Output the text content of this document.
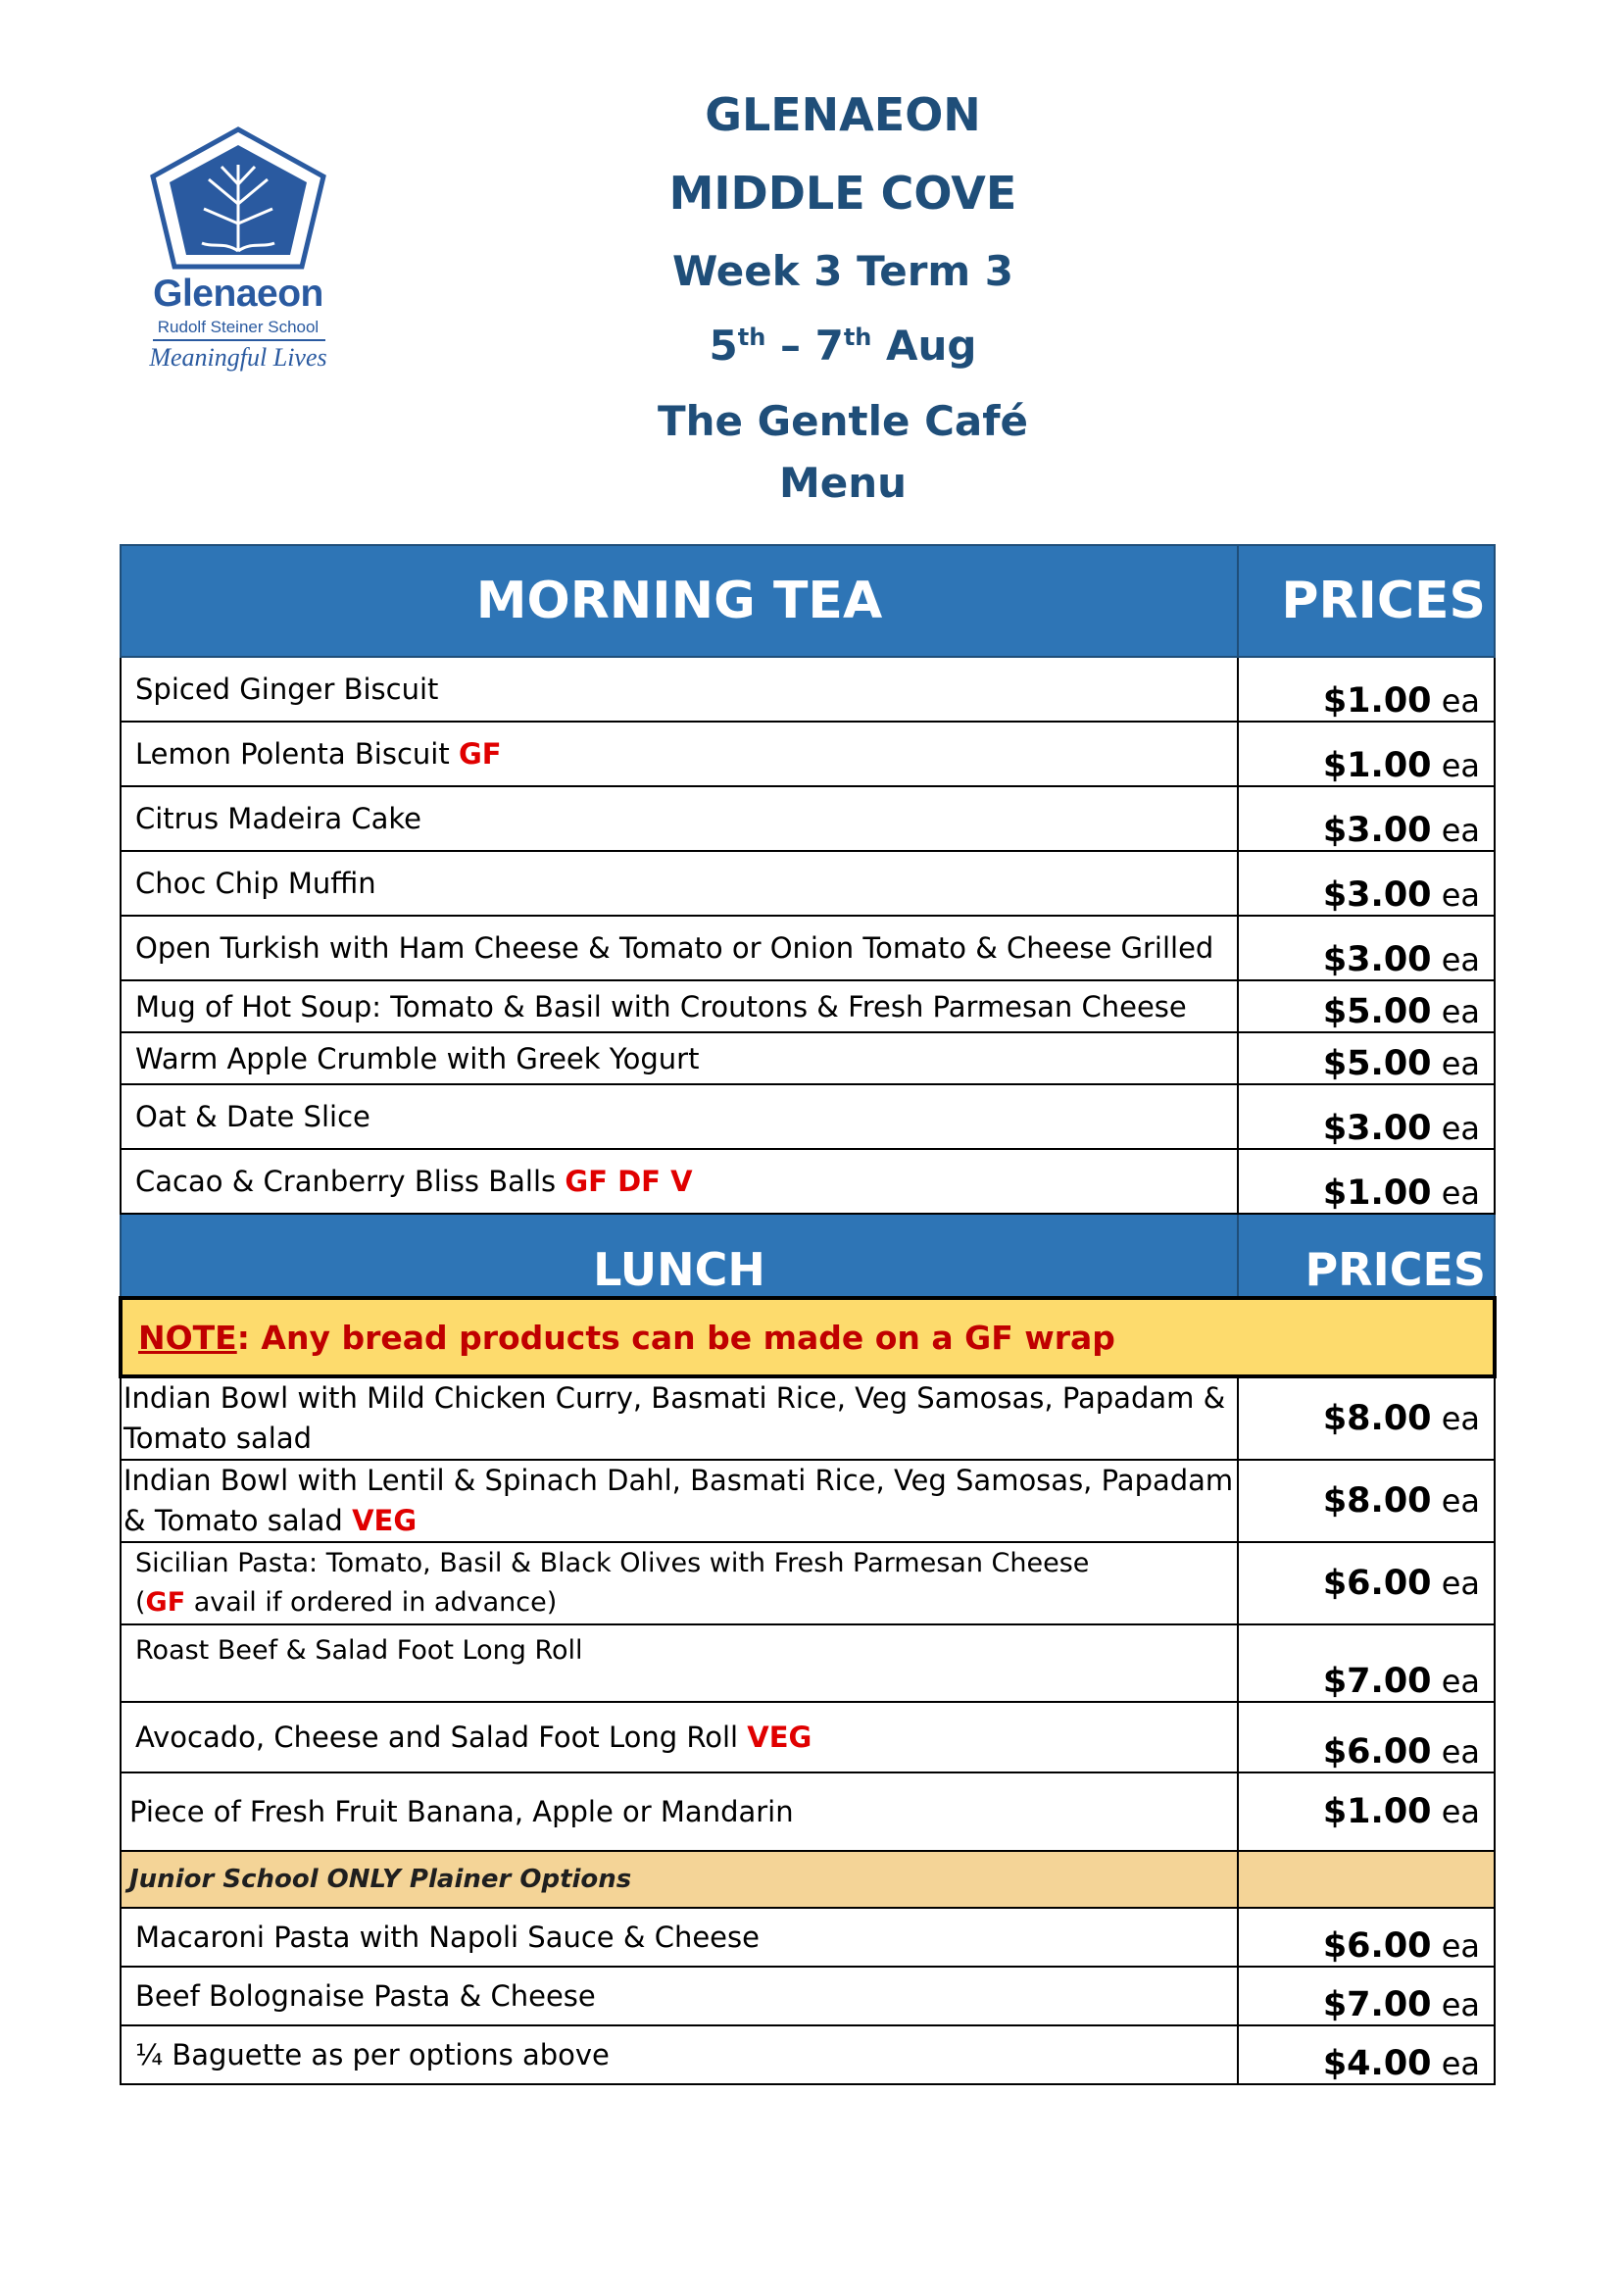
Glenaeon
Rudolf Steiner School
Meaningful Lives
GLENAEON
MIDDLE COVE
Week 3 Term 3
5th – 7th Aug
The Gentle Café
Menu
MORNING TEA	PRICES
Spiced Ginger Biscuit	$1.00 ea
Lemon Polenta Biscuit GF	$1.00 ea
Citrus Madeira Cake	$3.00 ea
Choc Chip Muffin	$3.00 ea
Open Turkish with Ham Cheese & Tomato or Onion Tomato & Cheese Grilled	$3.00 ea
Mug of Hot Soup: Tomato & Basil with Croutons & Fresh Parmesan Cheese	$5.00 ea
Warm Apple Crumble with Greek Yogurt	$5.00 ea
Oat & Date Slice	$3.00 ea
Cacao & Cranberry Bliss Balls GF DF V	$1.00 ea
LUNCH	PRICES
NOTE: Any bread products can be made on a GF wrap	

Indian Bowl with Mild Chicken Curry, Basmati Rice, Veg Samosas, Papadam & Tomato salad	$8.00 ea

Indian Bowl with Lentil & Spinach Dahl, Basmati Rice, Veg Samosas, Papadam & Tomato salad VEG	$8.00 ea

Sicilian Pasta: Tomato, Basil & Black Olives with Fresh Parmesan Cheese
(GF avail if ordered in advance)	$6.00 ea
Roast Beef & Salad Foot Long Roll	$7.00 ea
Avocado, Cheese and Salad Foot Long Roll VEG	$6.00 ea
Piece of Fresh Fruit Banana, Apple or Mandarin	$1.00 ea
Junior School ONLY Plainer Options	
Macaroni Pasta with Napoli Sauce & Cheese	$6.00 ea
Beef Bolognaise Pasta & Cheese	$7.00 ea
¼ Baguette as per options above	$4.00 ea
